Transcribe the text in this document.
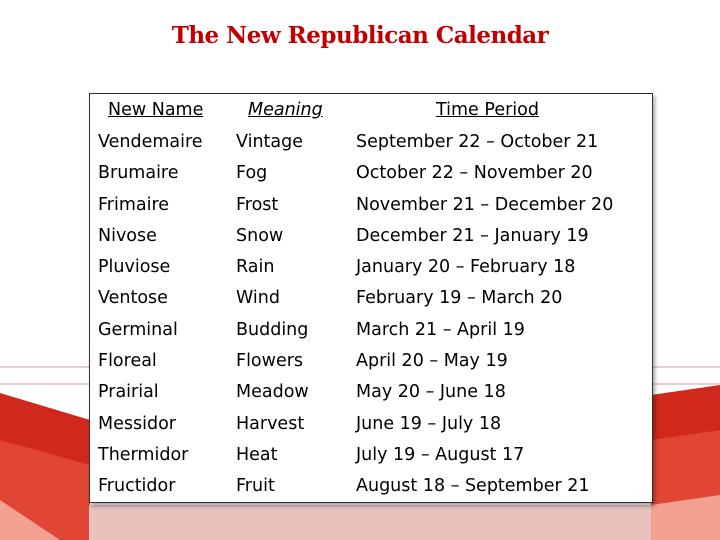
The New Republican Calendar
New Name	Meaning	Time Period
Vendemaire	Vintage	September 22 – October 21
Brumaire	Fog	October 22 – November 20
Frimaire	Frost	November 21 – December 20
Nivose	Snow	December 21 – January 19
Pluviose	Rain	January 20 – February 18
Ventose	Wind	February 19 – March 20
Germinal	Budding	March 21 – April 19
Floreal	Flowers	April 20 – May 19
Prairial	Meadow	May 20 – June 18
Messidor	Harvest	June 19 – July 18
Thermidor	Heat	July 19 – August 17
Fructidor	Fruit	August 18 – September 21
